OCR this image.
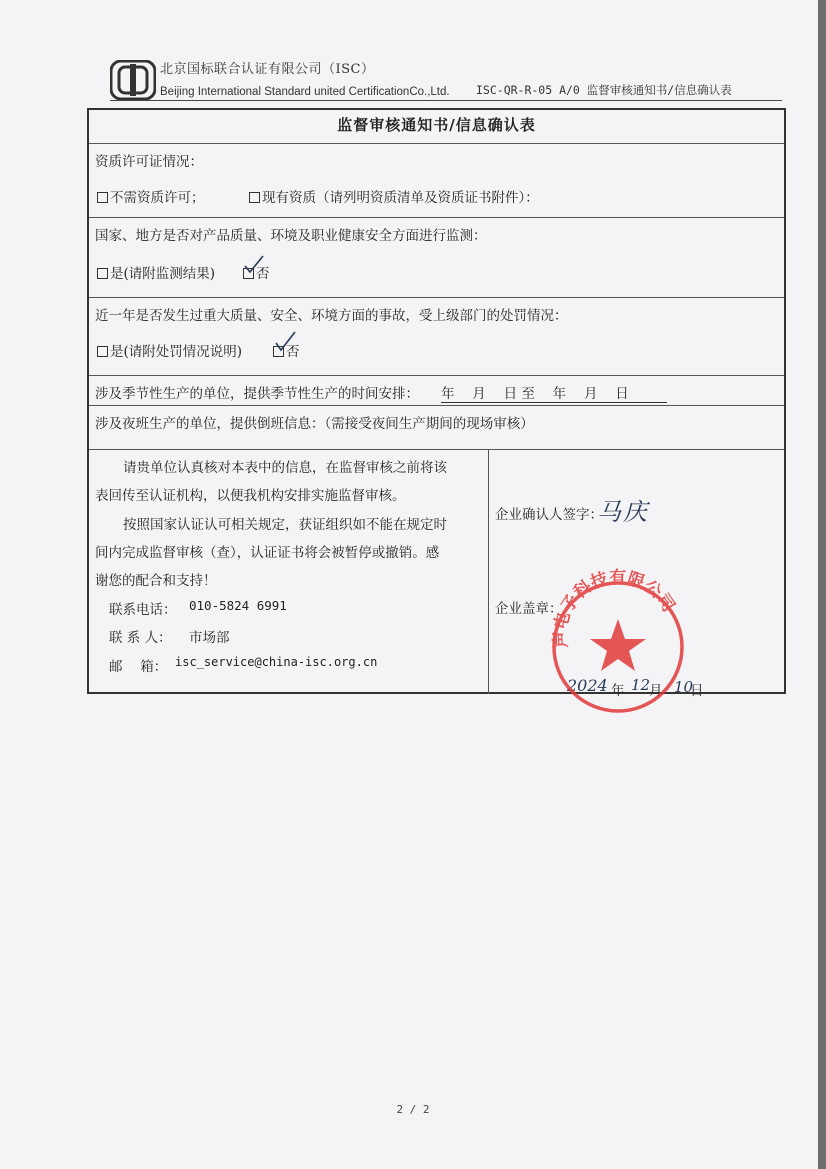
北京国标联合认证有限公司（ISC）
Beijing International Standard united CertificationCo.,Ltd. ISC-QR-R-05 A/0 监督审核通知书/信息确认表
监督审核通知书/信息确认表
资质许可证情况：
不需资质许可；	现有资质（请列明资质清单及资质证书附件）：
国家、地方是否对产品质量、环境及职业健康安全方面进行监测：
是(请附监测结果)	否
近一年是否发生过重大质量、安全、环境方面的事故，受上级部门的处罚情况：
是(请附处罚情况说明)	否
涉及季节性生产的单位，提供季节性生产的时间安排： 年　 月　 日 至　 年　 月　 日
涉及夜班生产的单位，提供倒班信息：（需接受夜间生产期间的现场审核）
请贵单位认真核对本表中的信息，在监督审核之前将该
表回传至认证机构，以便我机构安排实施监督审核。
按照国家认证认可相关规定，获证组织如不能在规定时
间内完成监督审核（查），认证证书将会被暂停或撤销。感
谢您的配合和支持！
联系电话： 010-5824 6991
联 系 人： 市场部
邮　 箱： isc_service@china-isc.org.cn
企业确认人签字：
马庆
企业盖章：
2024 年 12
月 10
日
声电子科技有限公司
2 / 2
